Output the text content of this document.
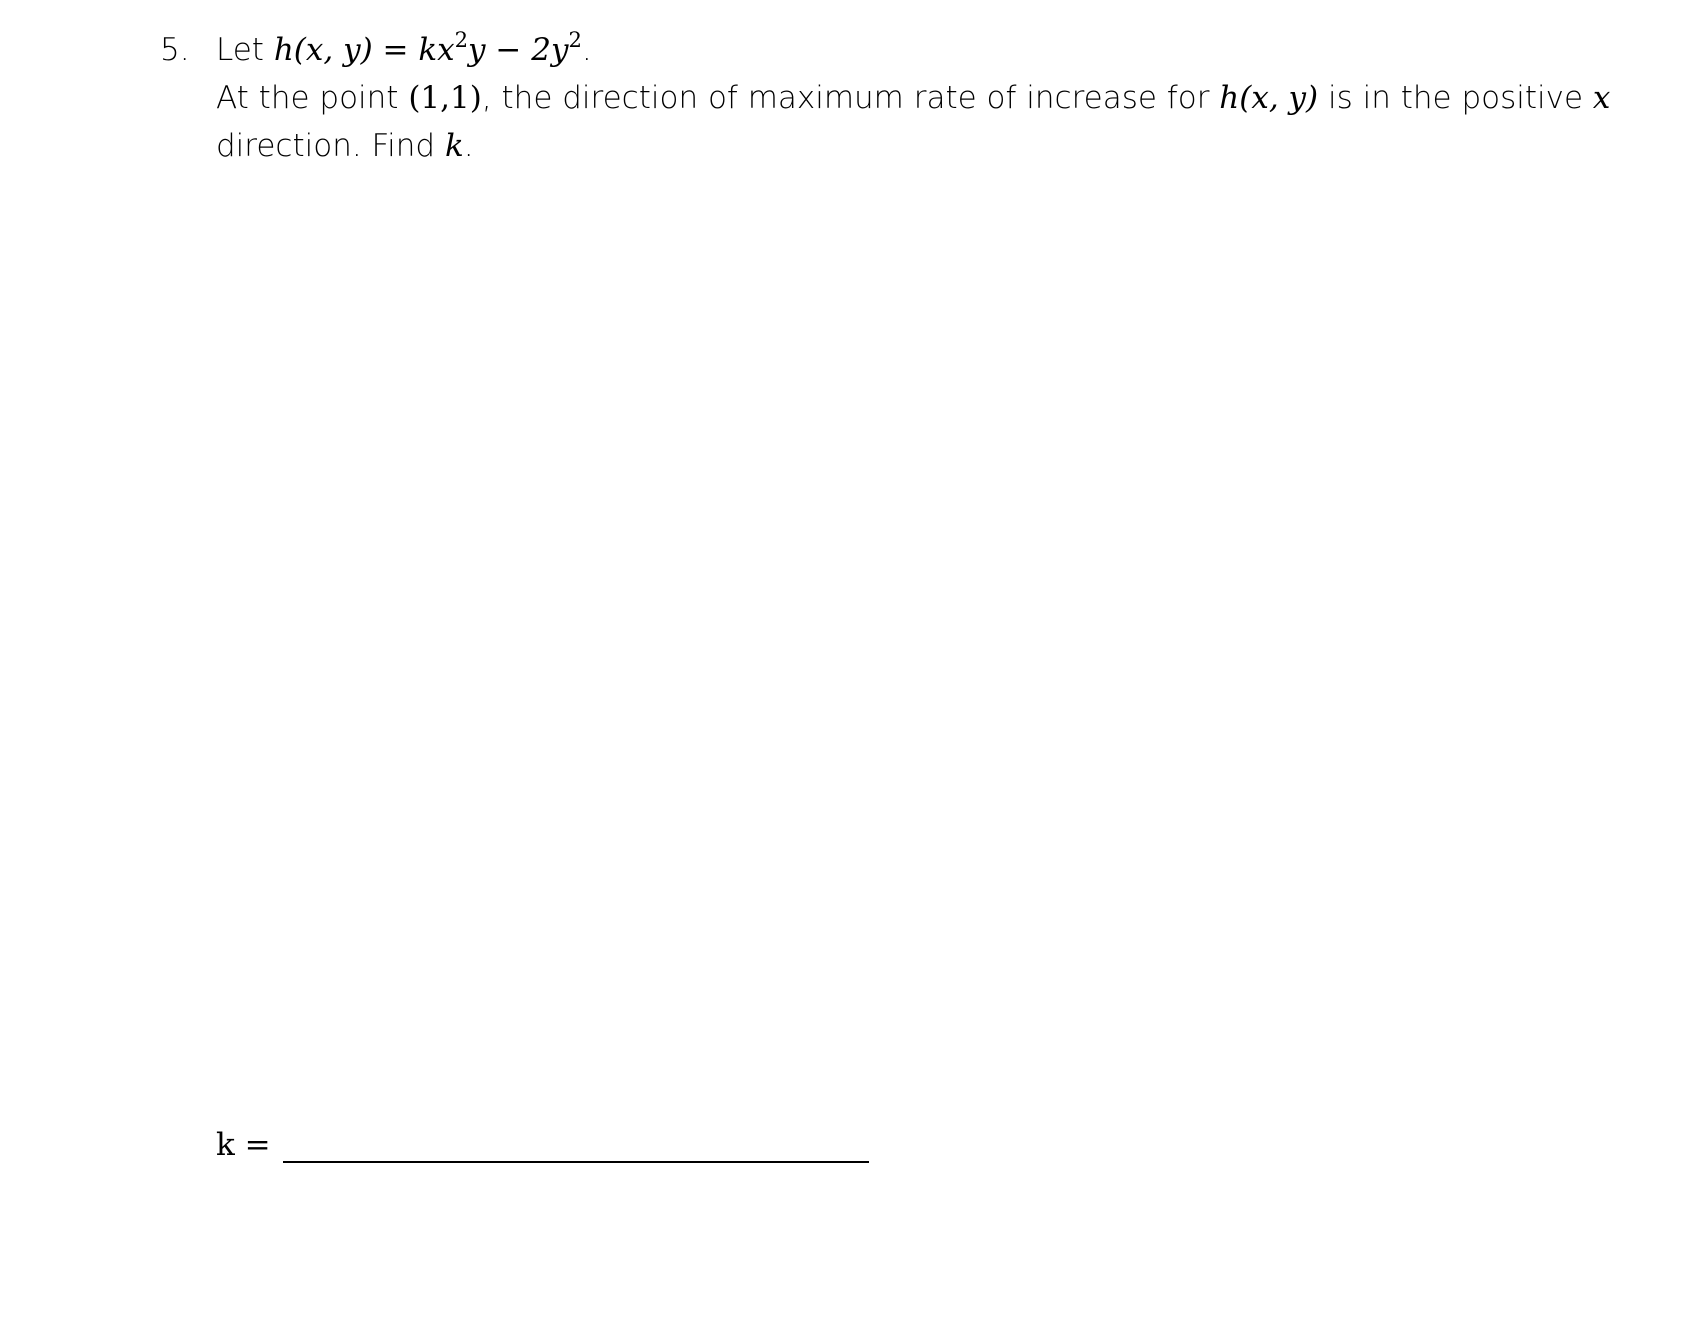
5. Let h(x, $y) = kx^2y - 2y^2$.
At the point (1,1), the direction of maximum rate of increase for h(x, y) is in the positive x
direction. Find k.
k =
